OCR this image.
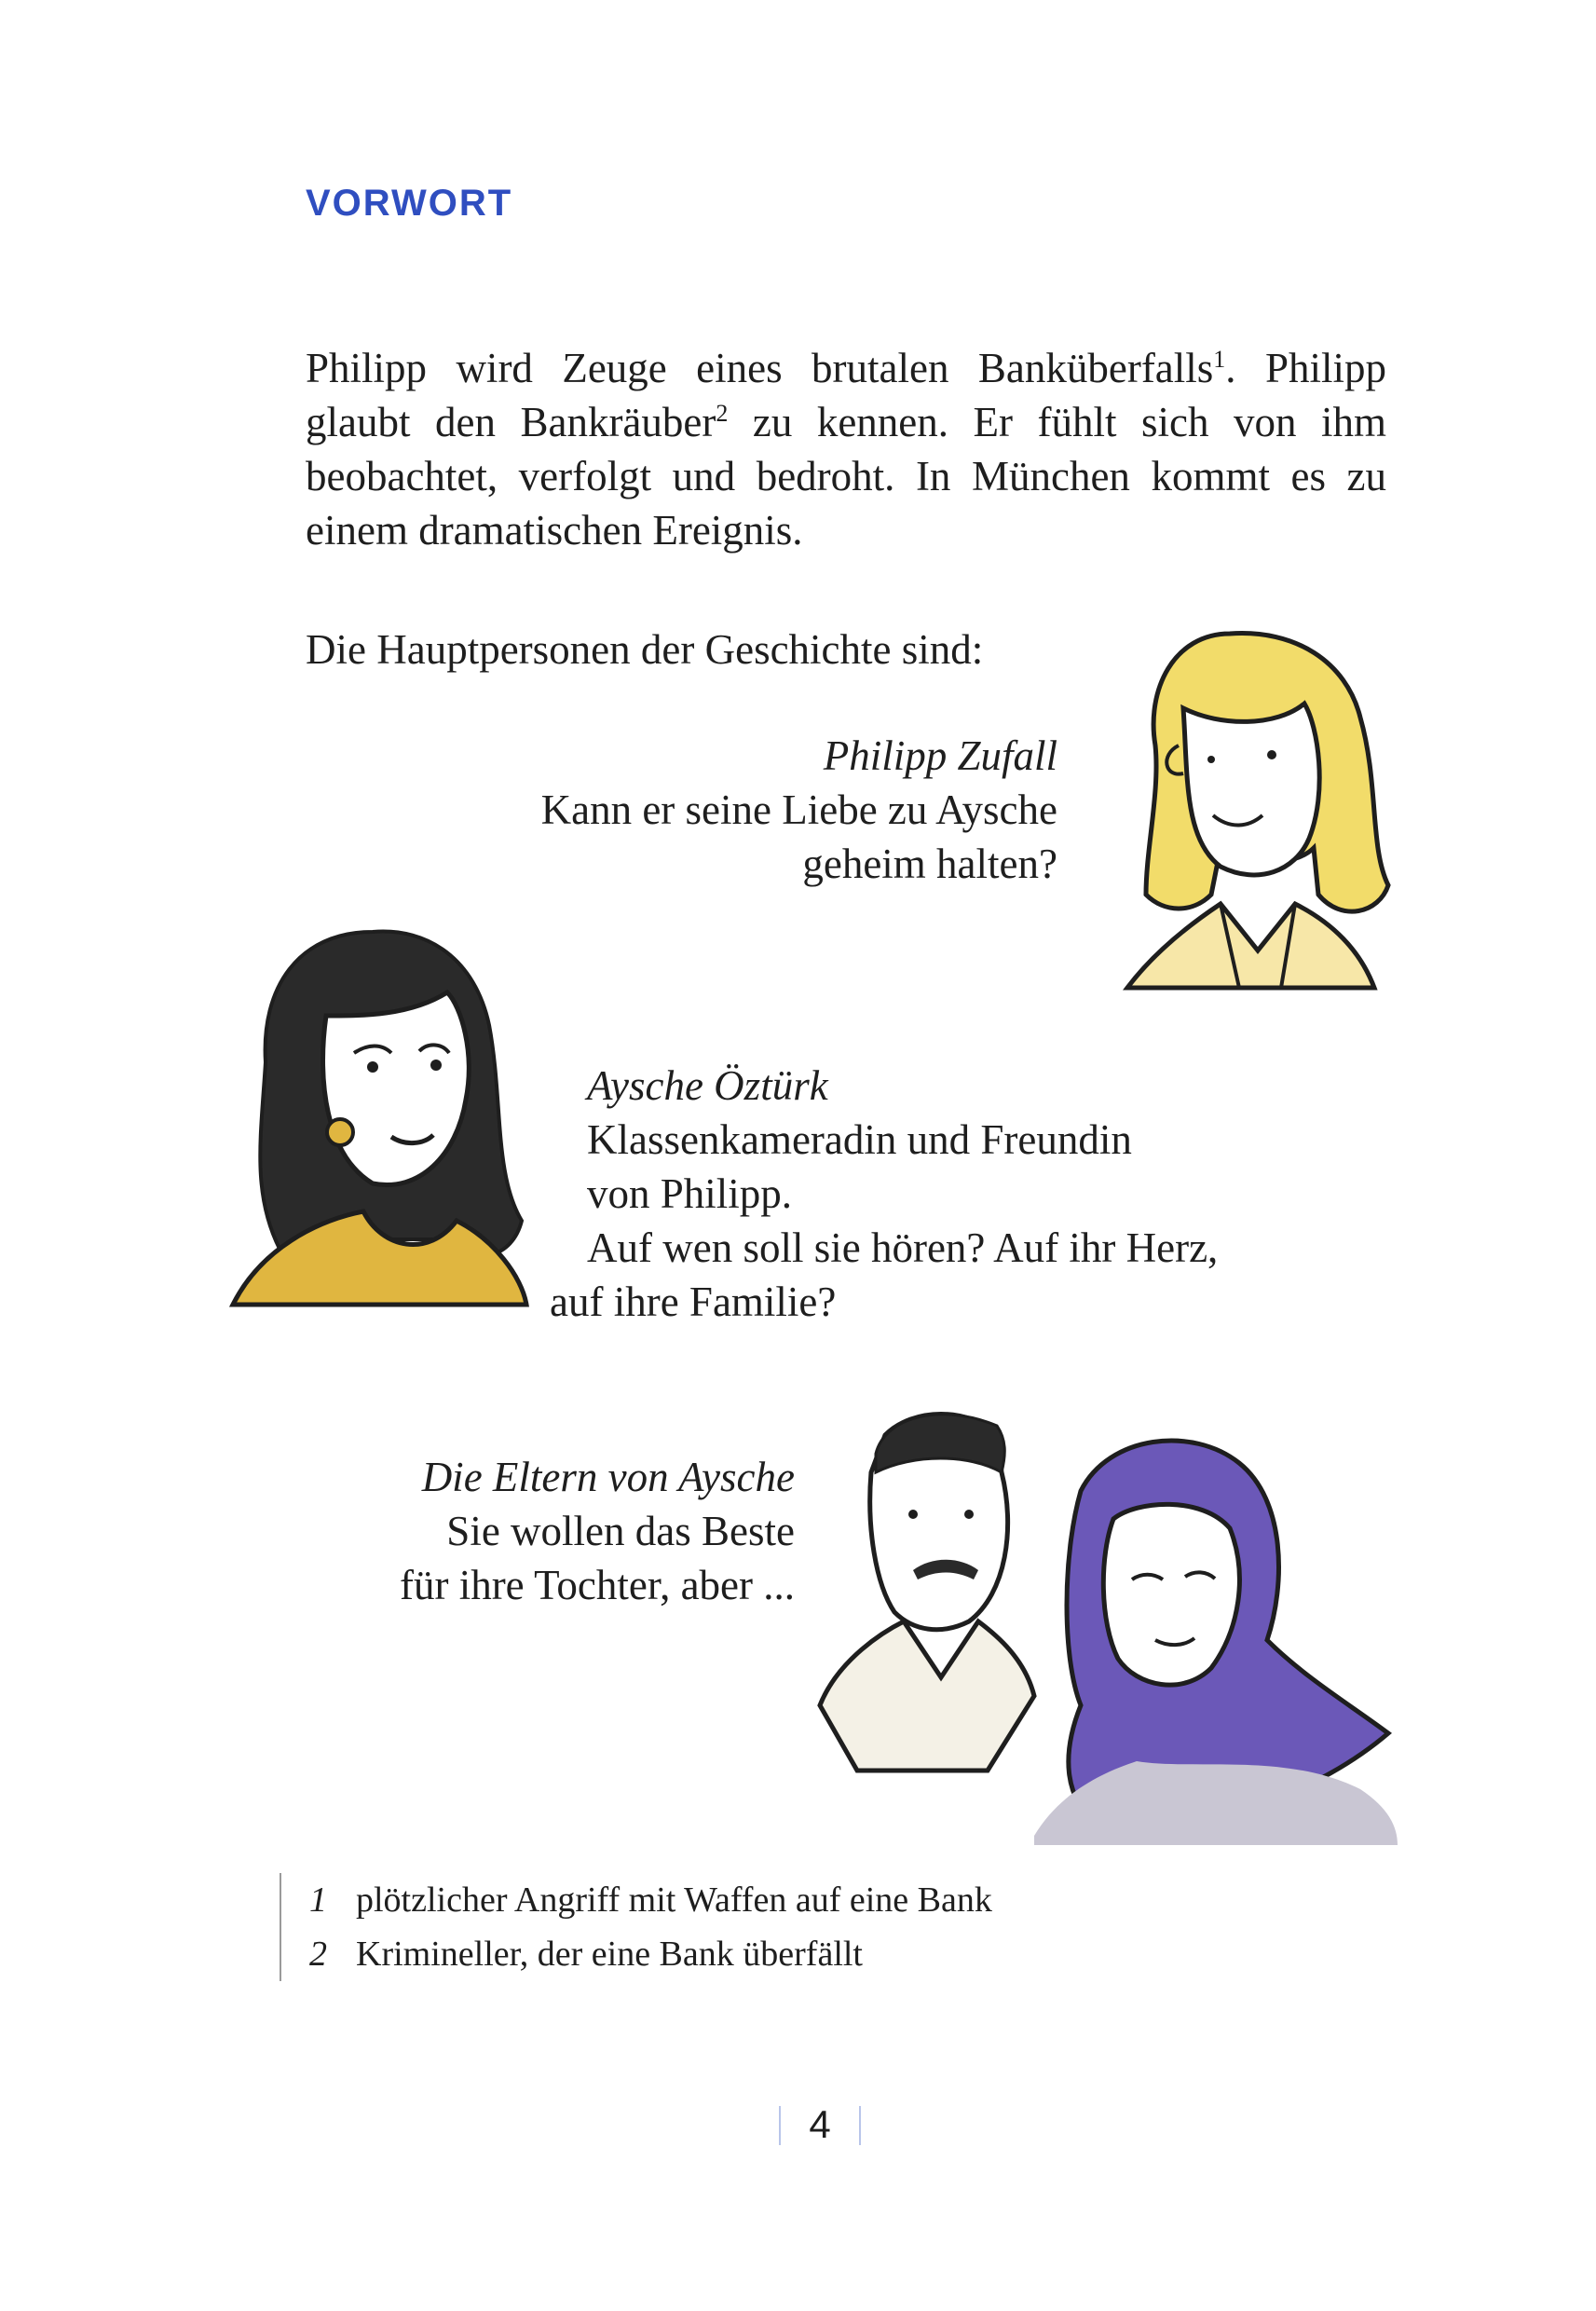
VORWORT
Philipp wird Zeuge eines brutalen Banküberfalls$^1$. Philipp glaubt den Bankräuber$^2$ zu kennen. Er fühlt sich von ihm beobachtet, verfolgt und bedroht. In München kommt es zu einem dramatischen Ereignis.
Die Hauptpersonen der Geschichte sind:
Philipp Zufall
Kann er seine Liebe zu Aysche
geheim halten?
Aysche Öztürk
Klassenkameradin und Freundin
von Philipp.
Auf wen soll sie hören? Auf ihr Herz,
auf ihre Familie?
Die Eltern von Aysche
Sie wollen das Beste
für ihre Tochter, aber ...
1 plötzlicher Angriff mit Waffen auf eine Bank
2 Krimineller, der eine Bank überfällt
4
